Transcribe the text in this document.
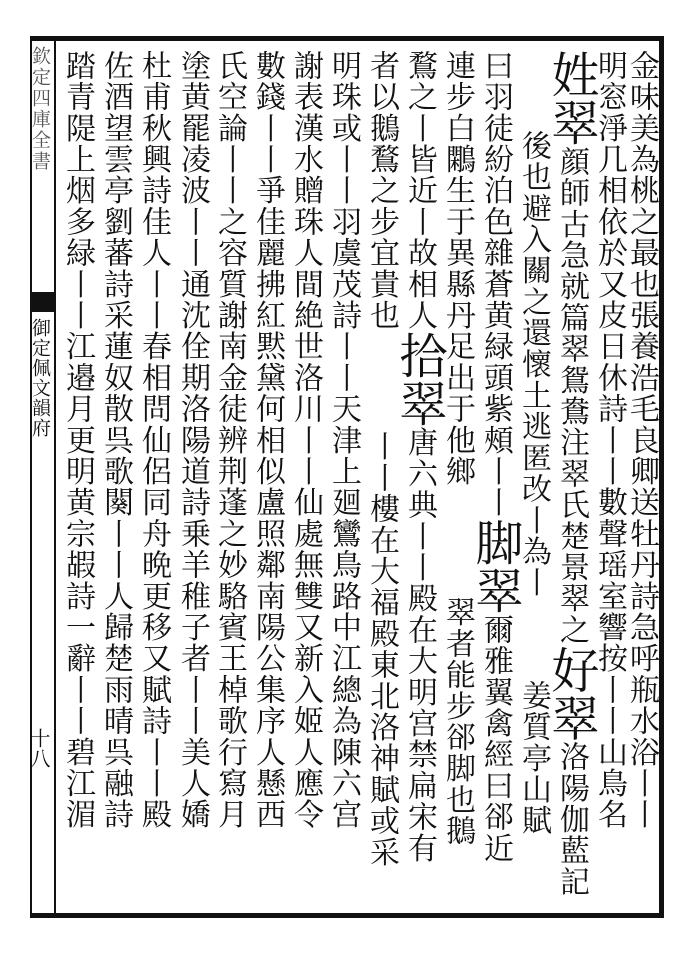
欽定四庫全書
御定佩文韻府
十八	金味美為桃之最也張養浩毛良卿送牡丹詩急呼瓶水浴丨丨
明窓淨几相依於又皮日休詩丨丨數聲瑶室響按丨丨山鳥名
姓翠顔師古急就篇翠鴛鴦注翠氏楚景翠之好翠洛陽伽藍記
後也避入關之還懷土逃匿改丨為丨姜質亭山賦
曰羽徒紛泊色雜蒼黄緑頭紫頰丨丨脚翠爾雅翼禽經曰郤近
連步白鷴生于異縣丹足出于他鄉翠者能步郤脚也鵝
鶩之丨皆近丨故相人拾翠唐六典丨丨殿在大明宫禁扁宋有
者以鵝鶩之步宜貴也丨丨樓在大福殿東北洛神賦或采
明珠或丨丨羽虞茂詩丨丨天津上廻鸞鳥路中江總為陳六宫
謝表漢水贈珠人間絶世洛川丨丨仙處無雙又新入姬人應令
數錢丨丨爭佳麗拂紅黙黛何相似盧照鄰南陽公集序人懸西
氏空論丨丨之容質謝南金徒辨荆蓬之妙駱賓王棹歌行寫月
塗黄罷凌波丨丨通沈佺期洛陽道詩乗羊稚子者丨丨美人嬌
杜甫秋興詩佳人丨丨春相問仙侶同舟晩更移又賦詩丨丨殿
佐酒望雲亭劉蕃詩采蓮奴散呉歌闋丨丨人歸楚雨晴呉融詩
踏青隄上烟多緑丨丨江邉月更明黄宗嘏詩一辭丨丨碧江湄
